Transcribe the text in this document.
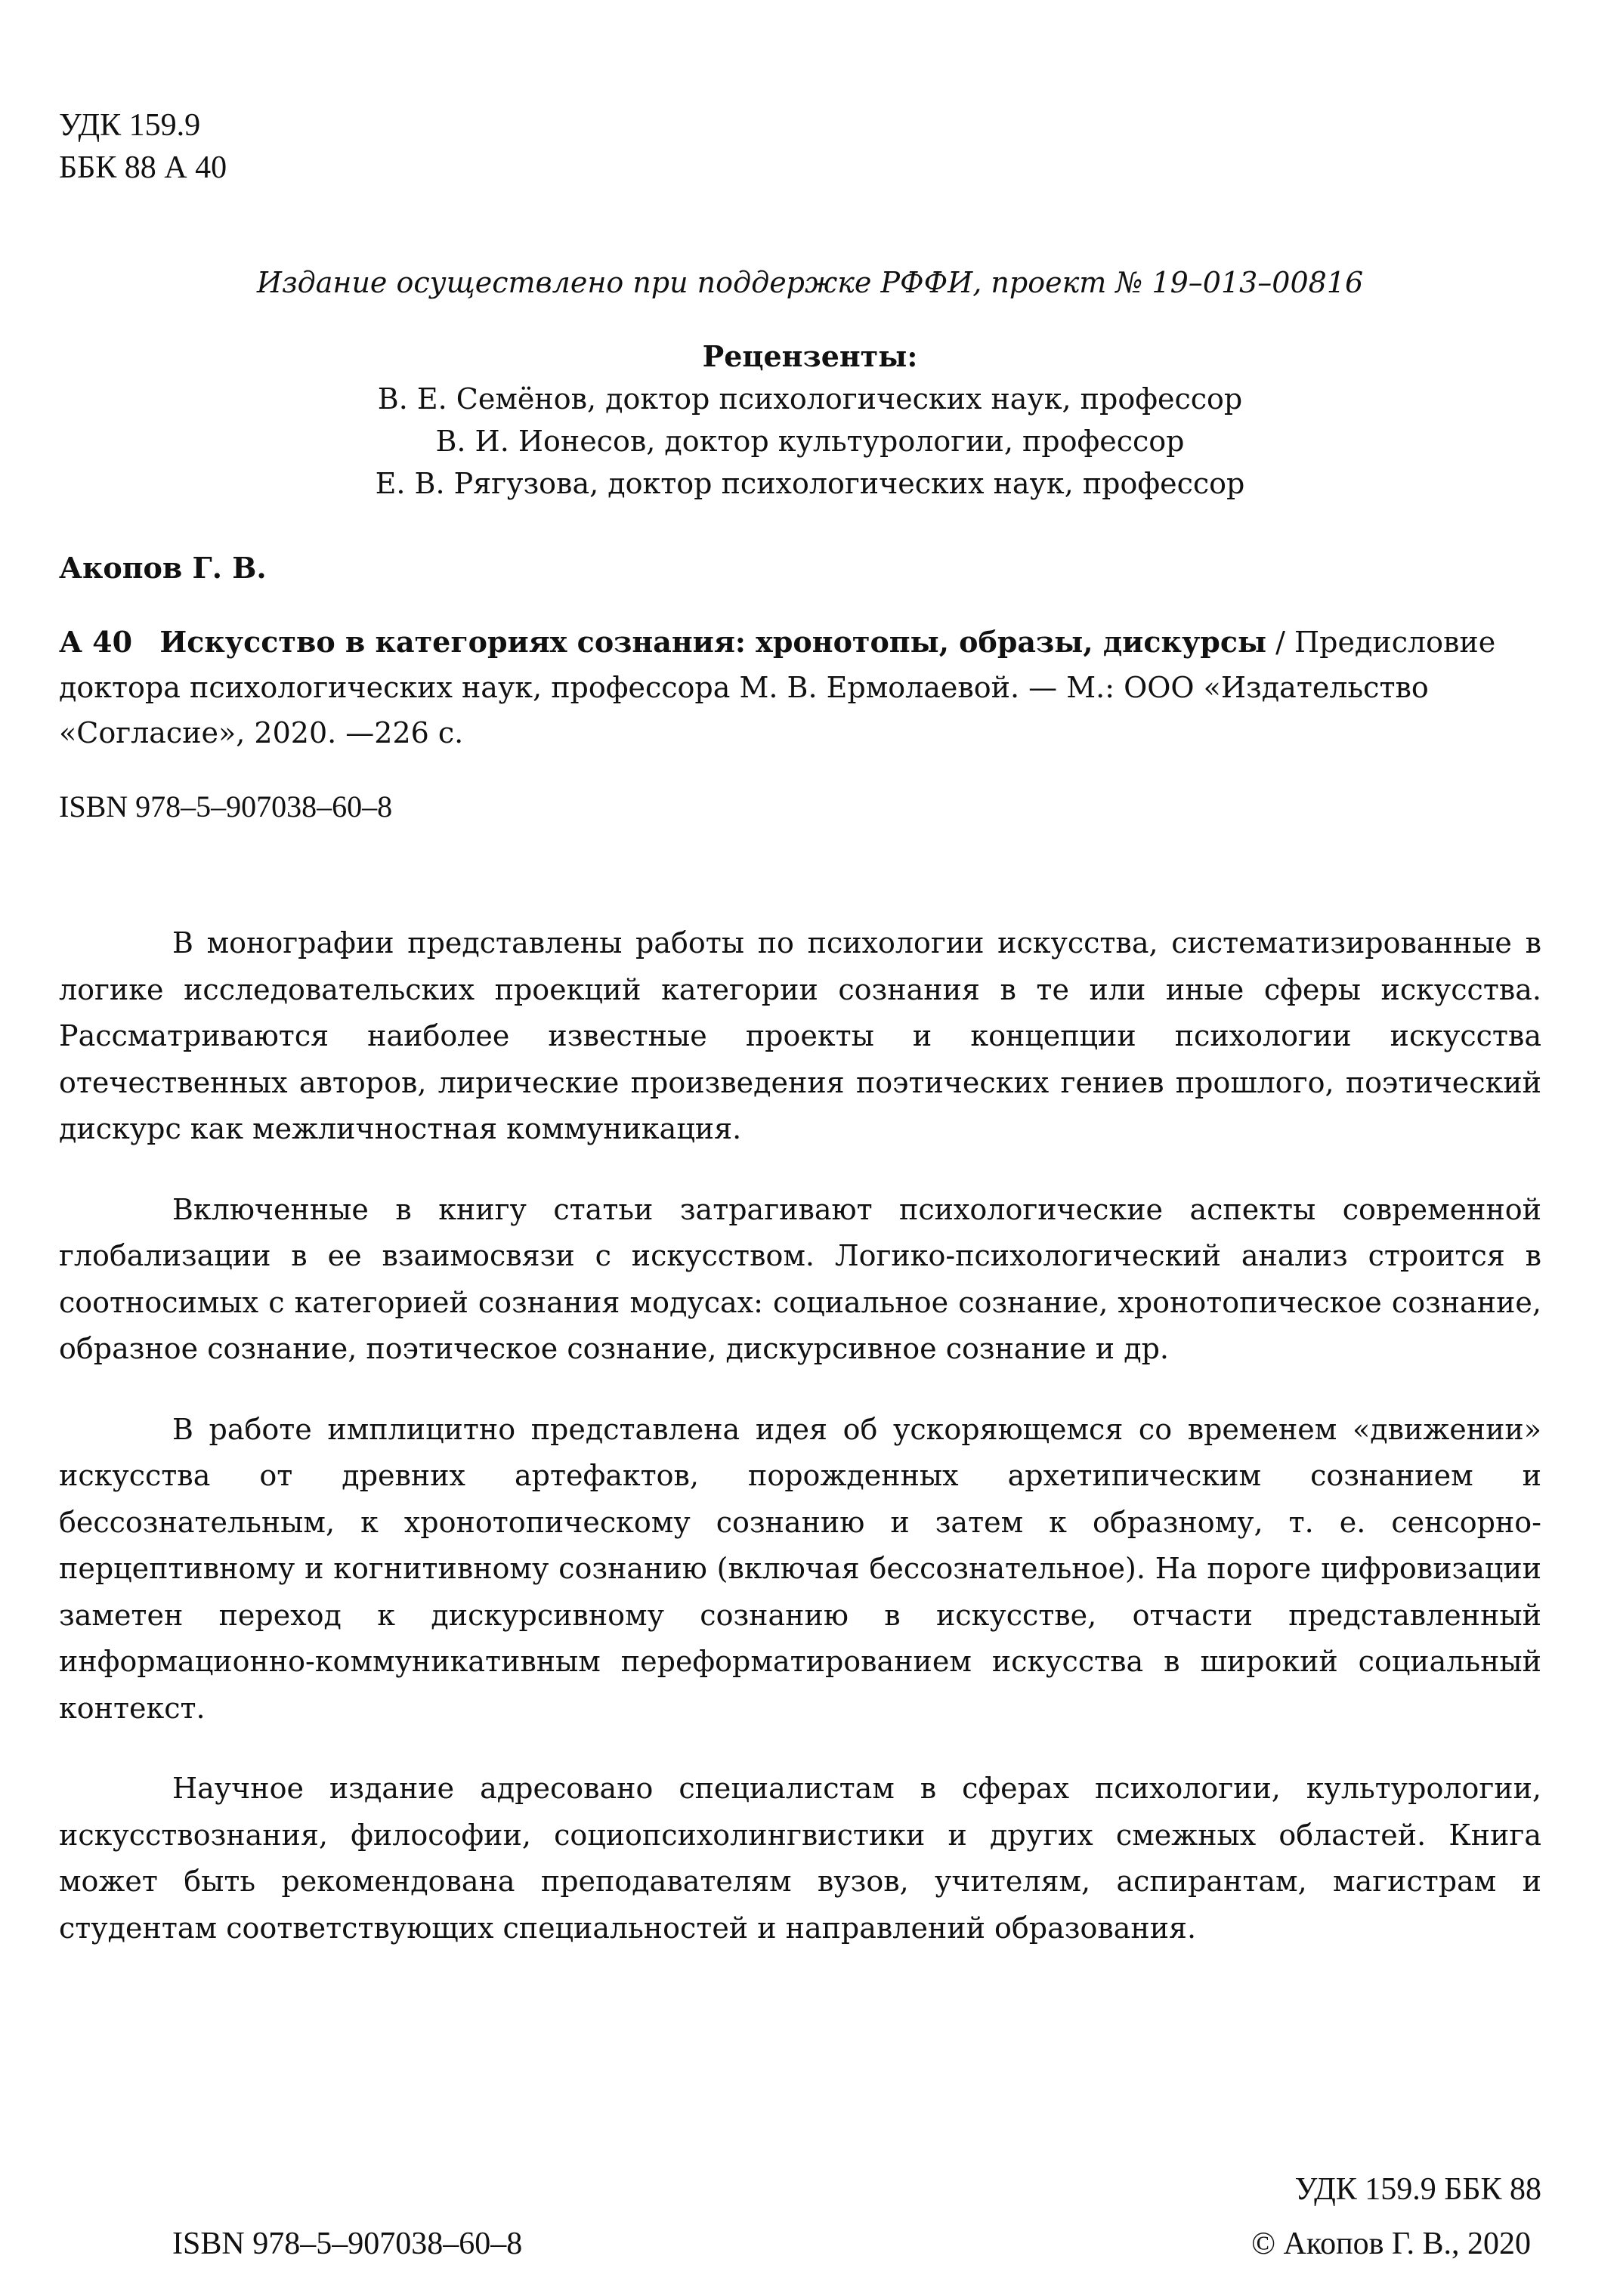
УДК 159.9
ББК 88 А 40
Издание осуществлено при поддержке РФФИ, проект № 19–013–00816
Рецензенты:
В. Е. Семёнов, доктор психологических наук, профессор
В. И. Ионесов, доктор культурологии, профессор
Е. В. Рягузова, доктор психологических наук, профессор
Акопов Г. В.
А 40 Искусство в категориях сознания: хронотопы, образы, дискурсы / Предисловие доктора психологических наук, профессора М. В. Ермолаевой. — М.: ООО «Издательство «Согласие», 2020. —226 с.
ISBN 978–5–907038–60–8

В монографии представлены работы по психологии искусства, систематизированные в логике исследовательских проекций категории сознания в те или иные сферы искусства. Рассматриваются наиболее известные проекты и концепции психологии искусства отечественных авторов, лирические произведения поэтических гениев прошлого, поэтический дискурс как межличностная коммуникация.

Включенные в книгу статьи затрагивают психологические аспекты современной глобализации в ее взаимосвязи с искусством. Логико-психологический анализ строится в соотносимых с категорией сознания модусах: социальное сознание, хронотопическое сознание, образное сознание, поэтическое сознание, дискурсивное сознание и др.

В работе имплицитно представлена идея об ускоряющемся со временем «движении» искусства от древних артефактов, порожденных архетипическим сознанием и бессознательным, к хронотопическому сознанию и затем к образному, т. е. сенсорно-перцептивному и когнитивному сознанию (включая бессознательное). На пороге цифровизации заметен переход к дискурсивному сознанию в искусстве, отчасти представленный информационно-коммуникативным переформатированием искусства в широкий социальный контекст.

Научное издание адресовано специалистам в сферах психологии, культурологии, искусствознания, философии, социопсихолингвистики и других смежных областей. Книга может быть рекомендована преподавателям вузов, учителям, аспирантам, магистрам и студентам соответствующих специальностей и направлений образования.

УДК 159.9 ББК 88
ISBN 978–5–907038–60–8	© Акопов Г. В., 2020
